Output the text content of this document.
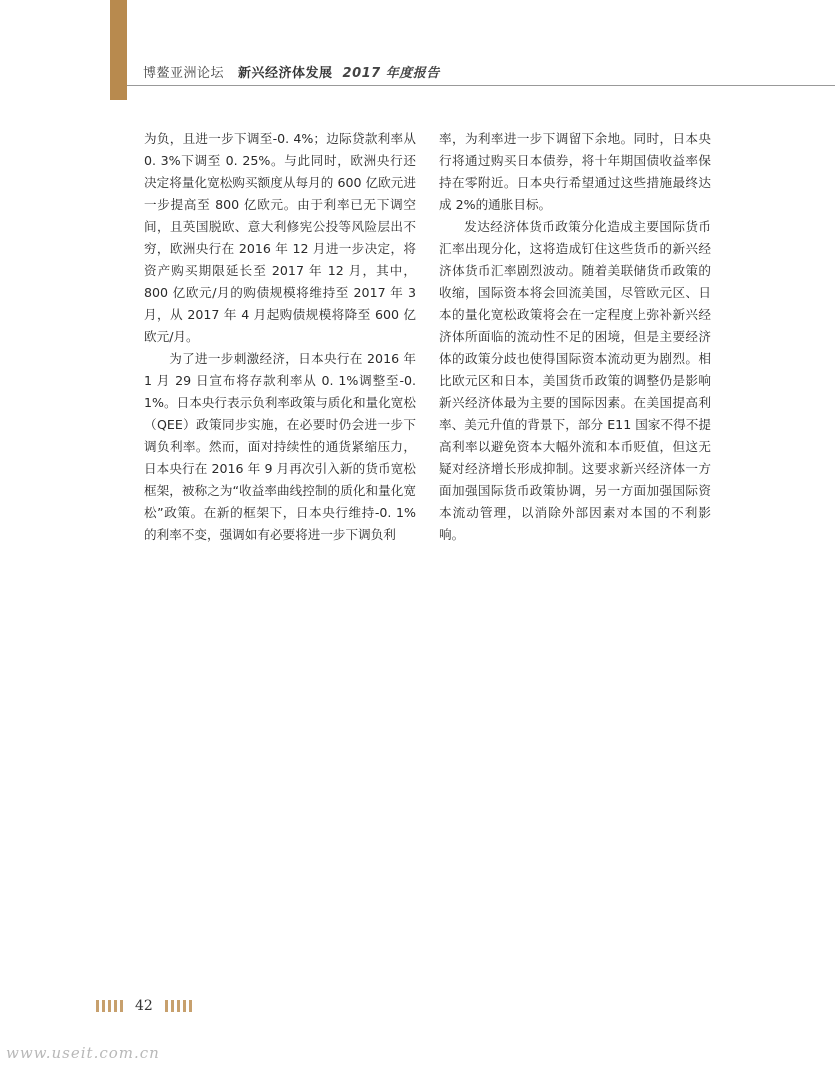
博鳌亚洲论坛 新兴经济体发展 2017 年度报告

为负，且进一步下调至-0. 4%；边际贷款利率从 0. 3%下调至 0. 25%。与此同时，欧洲央行还决定将量化宽松购买额度从每月的 600 亿欧元进一步提高至 800 亿欧元。由于利率已无下调空间，且英国脱欧、意大利修宪公投等风险层出不穷，欧洲央行在 2016 年 12 月进一步决定，将资产购买期限延长至 2017 年 12 月，其中，800 亿欧元/月的购债规模将维持至 2017 年 3 月，从 2017 年 4 月起购债规模将降至 600 亿欧元/月。

为了进一步刺激经济，日本央行在 2016 年 1 月 29 日宣布将存款利率从 0. 1%调整至-0. 1%。日本央行表示负利率政策与质化和量化宽松（QEE）政策同步实施，在必要时仍会进一步下调负利率。然而，面对持续性的通货紧缩压力，日本央行在 2016 年 9 月再次引入新的货币宽松框架，被称之为“收益率曲线控制的质化和量化宽松”政策。在新的框架下，日本央行维持-0. 1%的利率不变，强调如有必要将进一步下调负利

率，为利率进一步下调留下余地。同时，日本央行将通过购买日本债券，将十年期国债收益率保持在零附近。日本央行希望通过这些措施最终达成 2%的通胀目标。

发达经济体货币政策分化造成主要国际货币汇率出现分化，这将造成钉住这些货币的新兴经济体货币汇率剧烈波动。随着美联储货币政策的收缩，国际资本将会回流美国，尽管欧元区、日本的量化宽松政策将会在一定程度上弥补新兴经济体所面临的流动性不足的困境，但是主要经济体的政策分歧也使得国际资本流动更为剧烈。相比欧元区和日本，美国货币政策的调整仍是影响新兴经济体最为主要的国际因素。在美国提高利率、美元升值的背景下，部分 E11 国家不得不提高利率以避免资本大幅外流和本币贬值，但这无疑对经济增长形成抑制。这要求新兴经济体一方面加强国际货币政策协调，另一方面加强国际资本流动管理，以消除外部因素对本国的不利影响。

42
www.useit.com.cn
